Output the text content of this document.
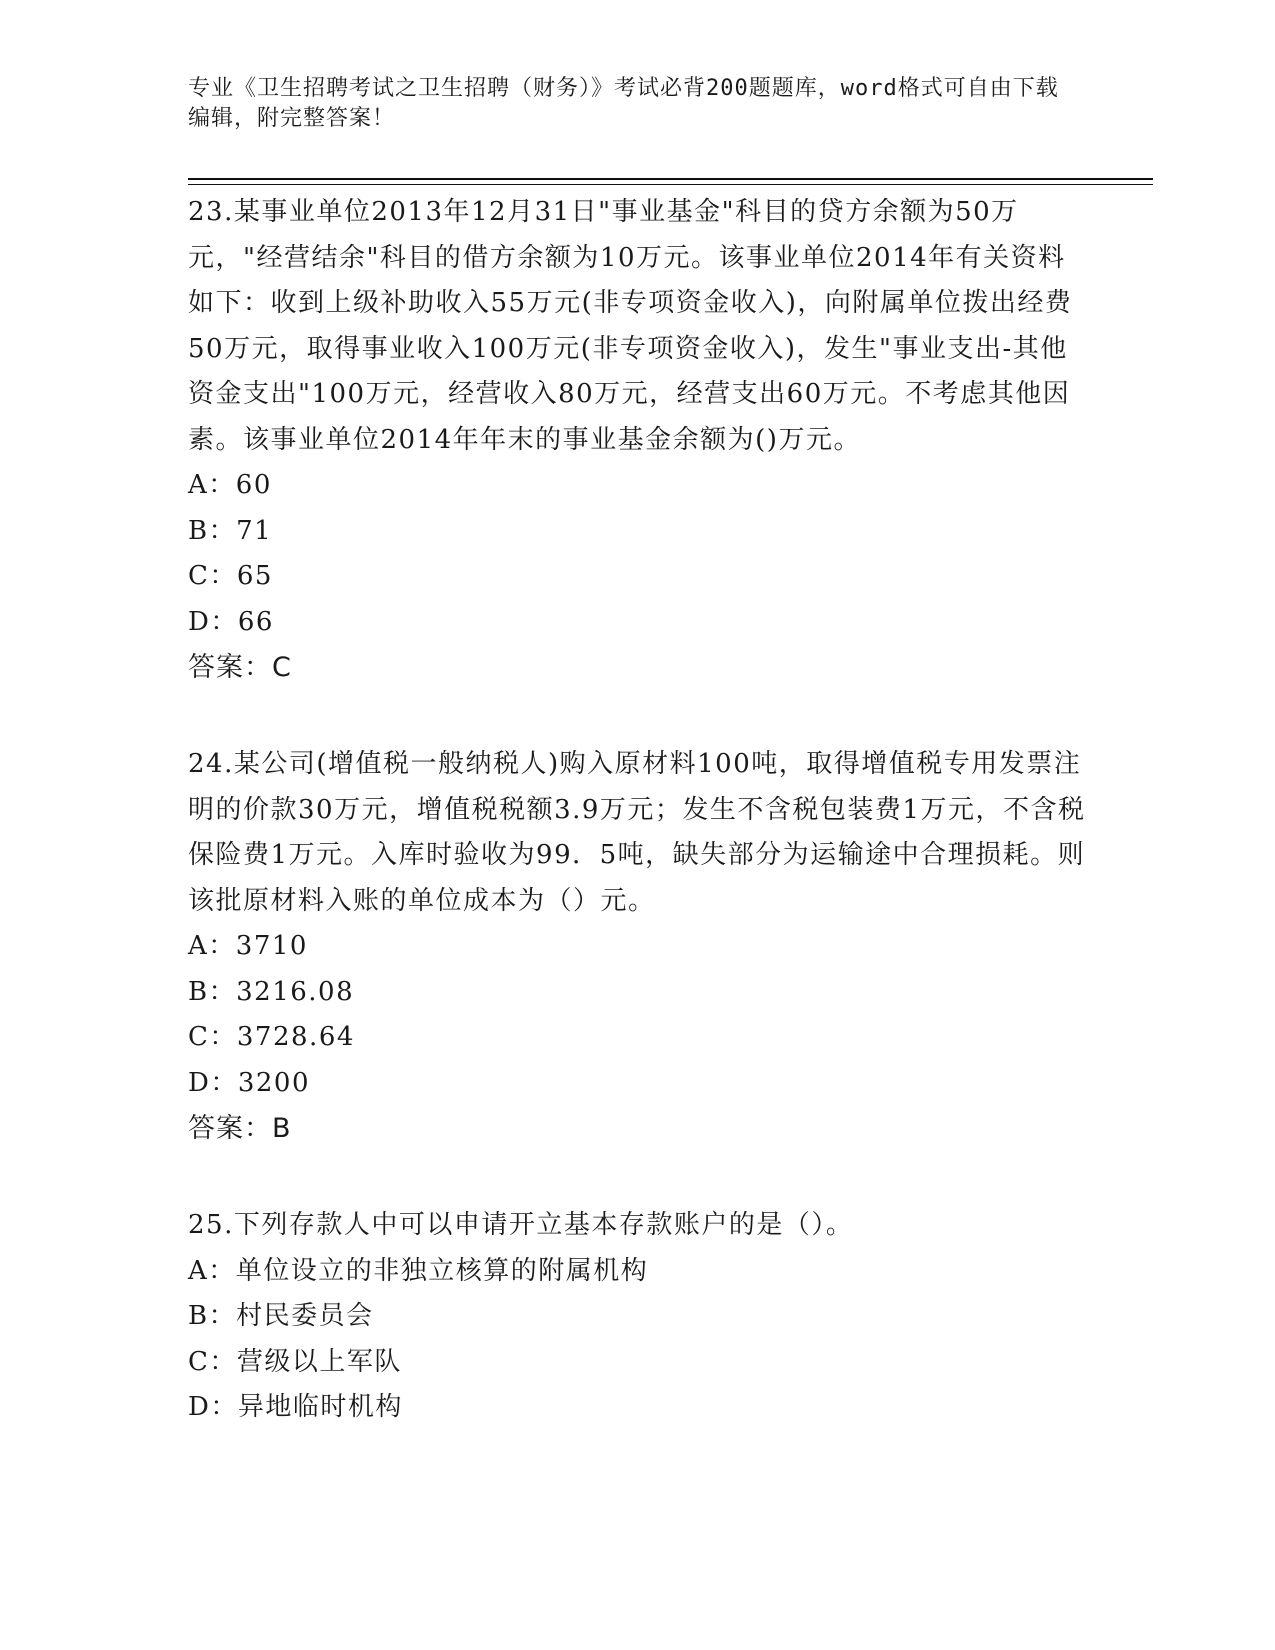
专业《卫生招聘考试之卫生招聘（财务）》考试必背200题题库，word格式可自由下载编辑，附完整答案！
23.某事业单位2013年12月31日"事业基金"科目的贷方余额为50万元，"经营结余"科目的借方余额为10万元。该事业单位2014年有关资料如下：收到上级补助收入55万元(非专项资金收入)，向附属单位拨出经费50万元，取得事业收入100万元(非专项资金收入)，发生"事业支出-其他资金支出"100万元，经营收入80万元，经营支出60万元。不考虑其他因素。该事业单位2014年年末的事业基金余额为()万元。
A：60
B：71
C：65
D：66
答案：C
24.某公司(增值税一般纳税人)购入原材料100吨，取得增值税专用发票注明的价款30万元，增值税税额3.9万元；发生不含税包装费1万元，不含税保险费1万元。入库时验收为99．5吨，缺失部分为运输途中合理损耗。则该批原材料入账的单位成本为（）元。
A：3710
B：3216.08
C：3728.64
D：3200
答案：B
25.下列存款人中可以申请开立基本存款账户的是（）。
A：单位设立的非独立核算的附属机构
B：村民委员会
C：营级以上军队
D：异地临时机构
